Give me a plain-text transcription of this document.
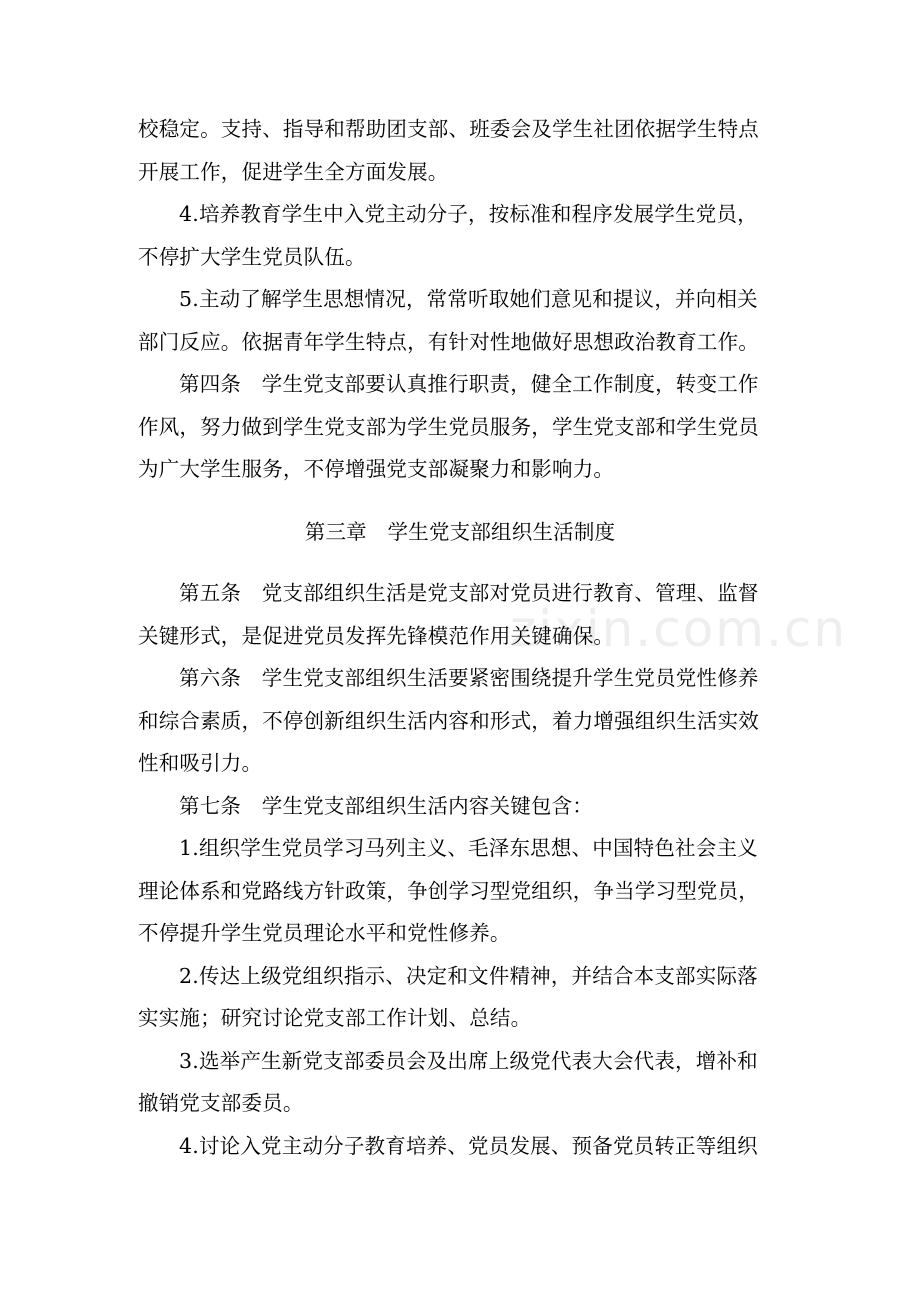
zixin.com.cn
校稳定。支持、指导和帮助团支部、班委会及学生社团依据学生特点
开展工作，促进学生全方面发展。
4.培养教育学生中入党主动分子，按标准和程序发展学生党员，
不停扩大学生党员队伍。
5.主动了解学生思想情况，常常听取她们意见和提议，并向相关
部门反应。依据青年学生特点，有针对性地做好思想政治教育工作。
第四条　学生党支部要认真推行职责，健全工作制度，转变工作
作风，努力做到学生党支部为学生党员服务，学生党支部和学生党员
为广大学生服务，不停增强党支部凝聚力和影响力。
第三章　学生党支部组织生活制度
第五条　党支部组织生活是党支部对党员进行教育、管理、监督
关键形式，是促进党员发挥先锋模范作用关键确保。
第六条　学生党支部组织生活要紧密围绕提升学生党员党性修养
和综合素质，不停创新组织生活内容和形式，着力增强组织生活实效
性和吸引力。
第七条　学生党支部组织生活内容关键包含：
1.组织学生党员学习马列主义、毛泽东思想、中国特色社会主义
理论体系和党路线方针政策，争创学习型党组织，争当学习型党员，
不停提升学生党员理论水平和党性修养。
2.传达上级党组织指示、决定和文件精神，并结合本支部实际落
实实施；研究讨论党支部工作计划、总结。
3.选举产生新党支部委员会及出席上级党代表大会代表，增补和
撤销党支部委员。
4.讨论入党主动分子教育培养、党员发展、预备党员转正等组织
